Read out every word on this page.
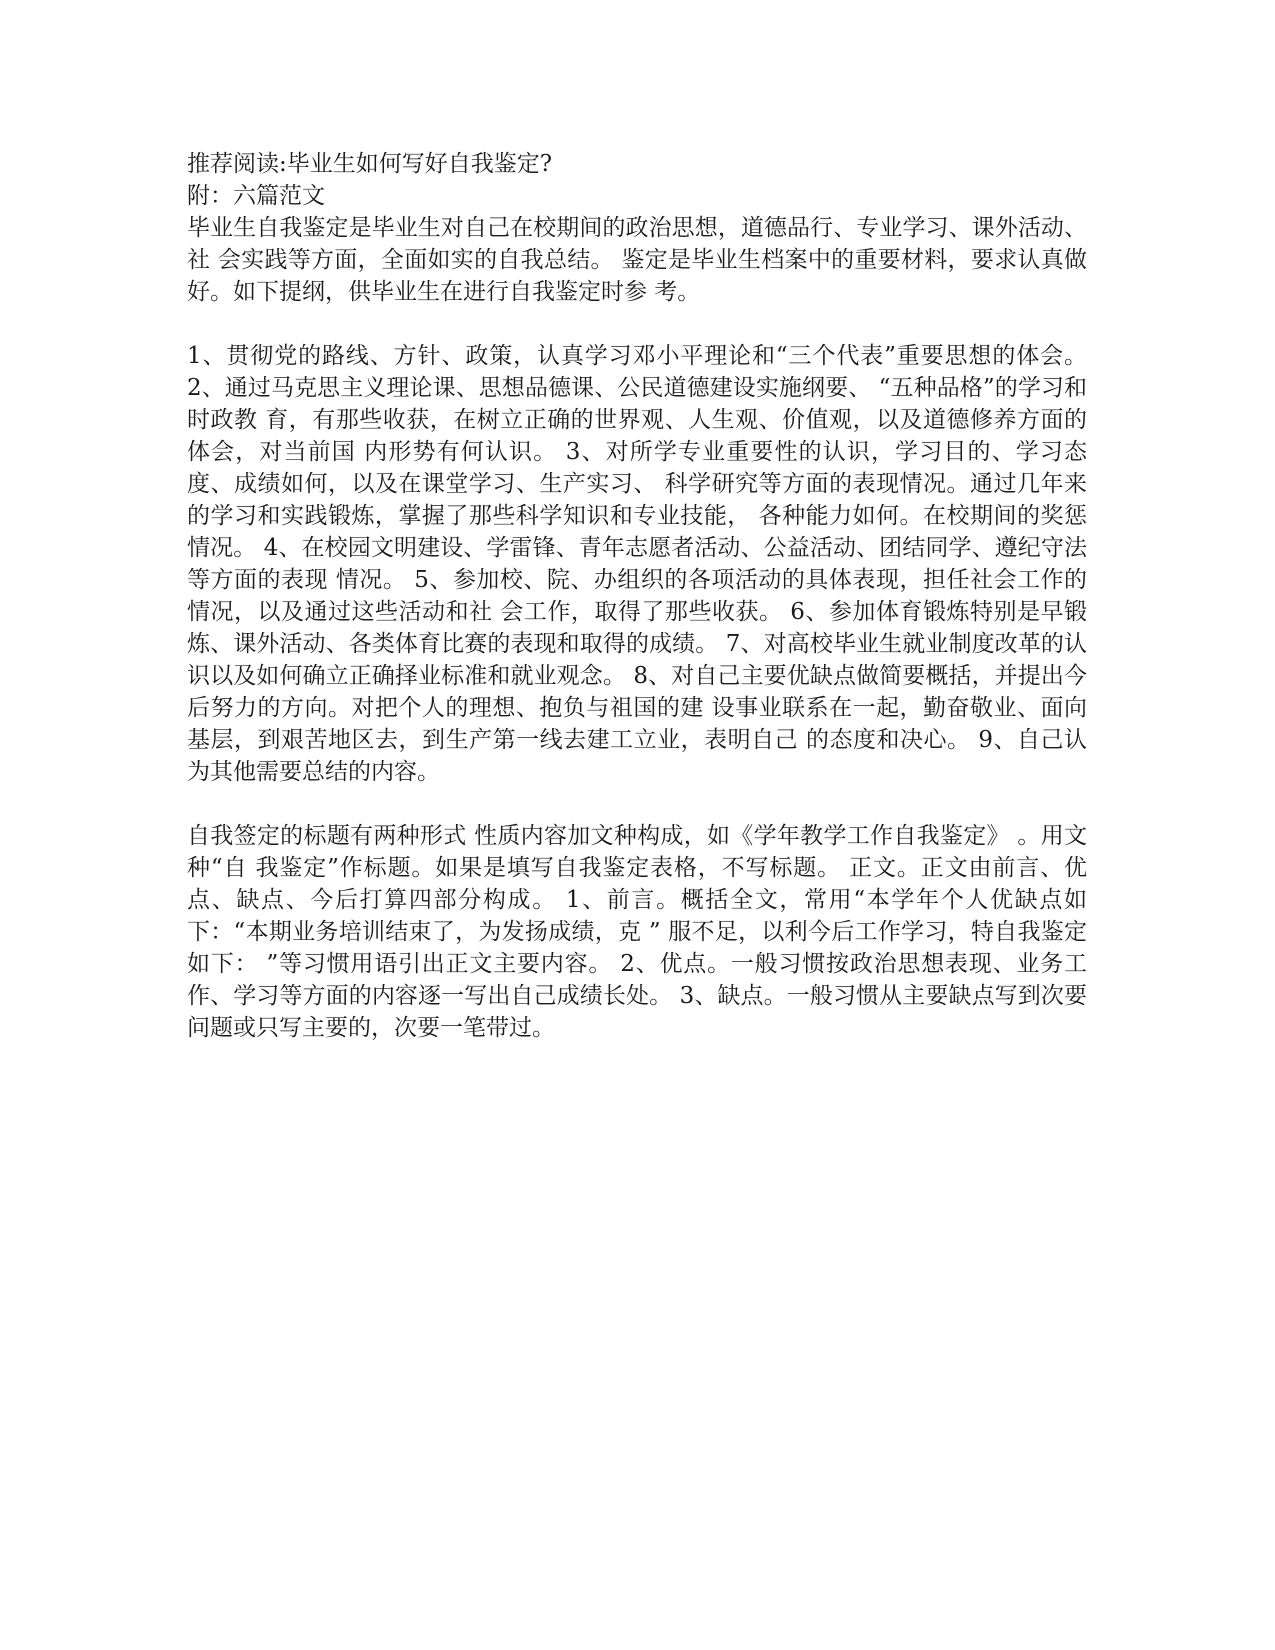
推荐阅读:毕业生如何写好自我鉴定?
附：六篇范文

毕业生自我鉴定是毕业生对自己在校期间的政治思想，道德品行、专业学习、课外活动、社 会实践等方面，全面如实的自我总结。 鉴定是毕业生档案中的重要材料，要求认真做好。如下提纲，供毕业生在进行自我鉴定时参 考。

1、贯彻党的路线、方针、政策，认真学习邓小平理论和“三个代表”重要思想的体会。 2、通过马克思主义理论课、思想品德课、公民道德建设实施纲要、 “五种品格”的学习和时政教 育，有那些收获，在树立正确的世界观、人生观、价值观，以及道德修养方面的体会，对当前国 内形势有何认识。 3、对所学专业重要性的认识，学习目的、学习态度、成绩如何，以及在课堂学习、生产实习、 科学研究等方面的表现情况。通过几年来的学习和实践锻炼，掌握了那些科学知识和专业技能， 各种能力如何。在校期间的奖惩情况。 4、在校园文明建设、学雷锋、青年志愿者活动、公益活动、团结同学、遵纪守法等方面的表现 情况。 5、参加校、院、办组织的各项活动的具体表现，担任社会工作的情况，以及通过这些活动和社 会工作，取得了那些收获。 6、参加体育锻炼特别是早锻炼、课外活动、各类体育比赛的表现和取得的成绩。 7、对高校毕业生就业制度改革的认识以及如何确立正确择业标准和就业观念。 8、对自己主要优缺点做简要概括，并提出今后努力的方向。对把个人的理想、抱负与祖国的建 设事业联系在一起，勤奋敬业、面向基层，到艰苦地区去，到生产第一线去建工立业，表明自己 的态度和决心。 9、自己认为其他需要总结的内容。

自我签定的标题有两种形式 性质内容加文种构成，如《学年教学工作自我鉴定》 。用文种“自 我鉴定”作标题。如果是填写自我鉴定表格，不写标题。 正文。正文由前言、优点、缺点、今后打算四部分构成。 1、前言。概括全文，常用“本学年个人优缺点如下：“本期业务培训结束了，为发扬成绩，克 ” 服不足，以利今后工作学习，特自我鉴定如下： ”等习惯用语引出正文主要内容。 2、优点。一般习惯按政治思想表现、业务工作、学习等方面的内容逐一写出自己成绩长处。 3、缺点。一般习惯从主要缺点写到次要问题或只写主要的，次要一笔带过。
